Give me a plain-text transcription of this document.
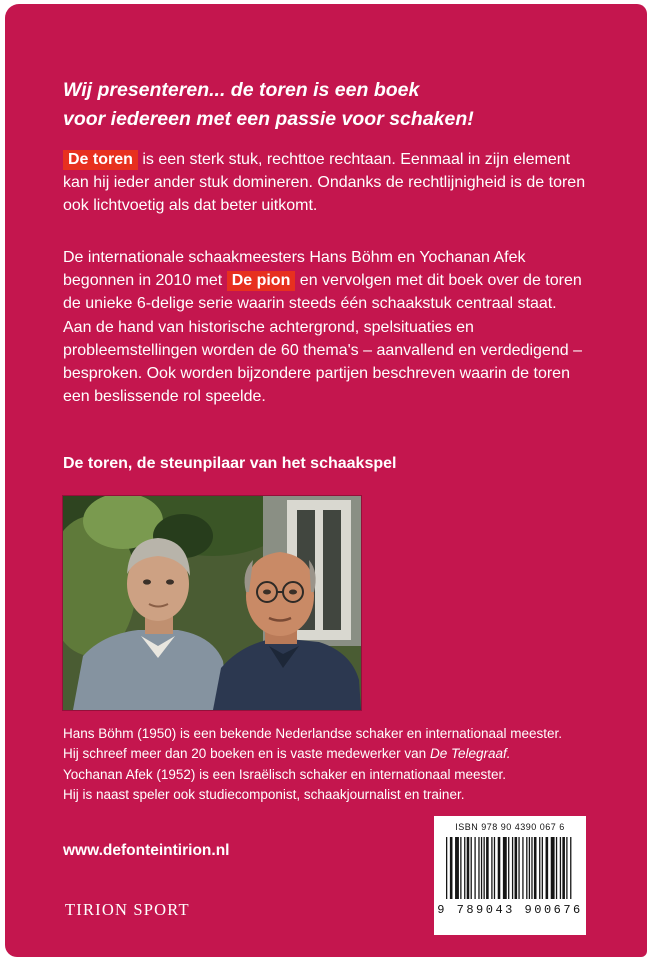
Wij presenteren... de toren is een boek
voor iedereen met een passie voor schaken!

De toren is een sterk stuk, rechttoe rechtaan. Eenmaal in zijn element kan hij ieder ander stuk domineren. Ondanks de rechtlijnigheid is de toren ook lichtvoetig als dat beter uitkomt.

De internationale schaakmeesters Hans Böhm en Yochanan Afek begonnen in 2010 met De pion en vervolgen met dit boek over de toren de unieke 6-delige serie waarin steeds één schaakstuk centraal staat.
Aan de hand van historische achtergrond, spelsituaties en probleemstellingen worden de 60 thema's – aanvallend en verdedigend – besproken. Ook worden bijzondere partijen beschreven waarin de toren een beslissende rol speelde.
De toren, de steunpilaar van het schaakspel
Hans Böhm (1950) is een bekende Nederlandse schaker en internationaal meester.
Hij schreef meer dan 20 boeken en is vaste medewerker van De Telegraaf.
Yochanan Afek (1952) is een Israëlisch schaker en internationaal meester.
Hij is naast speler ook studiecomponist, schaakjournalist en trainer.
www.defonteintirion.nl
ISBN 978 90 4390 067 6
9 789043 900676
TIRION SPORT
